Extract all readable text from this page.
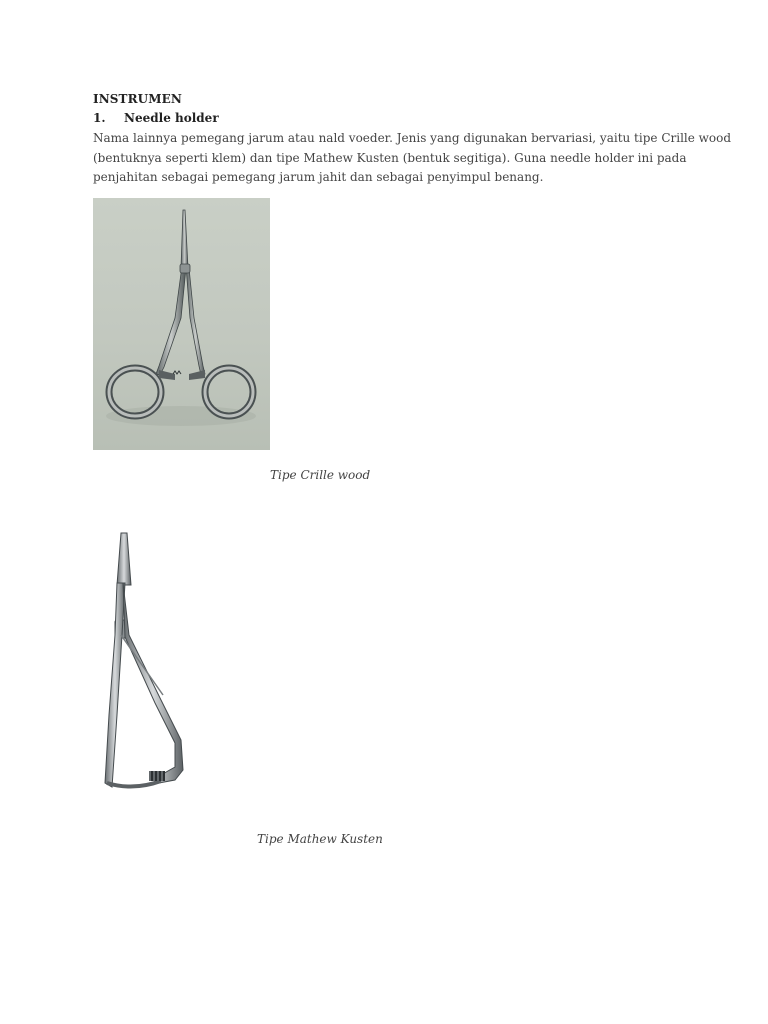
INSTRUMEN
1. Needle holder
Nama lainnya pemegang jarum atau nald voeder. Jenis yang digunakan bervariasi, yaitu tipe Crille wood
(bentuknya seperti klem) dan tipe Mathew Kusten (bentuk segitiga). Guna needle holder ini pada
penjahitan sebagai pemegang jarum jahit dan sebagai penyimpul benang.
Tipe Crille wood
Tipe Mathew Kusten
